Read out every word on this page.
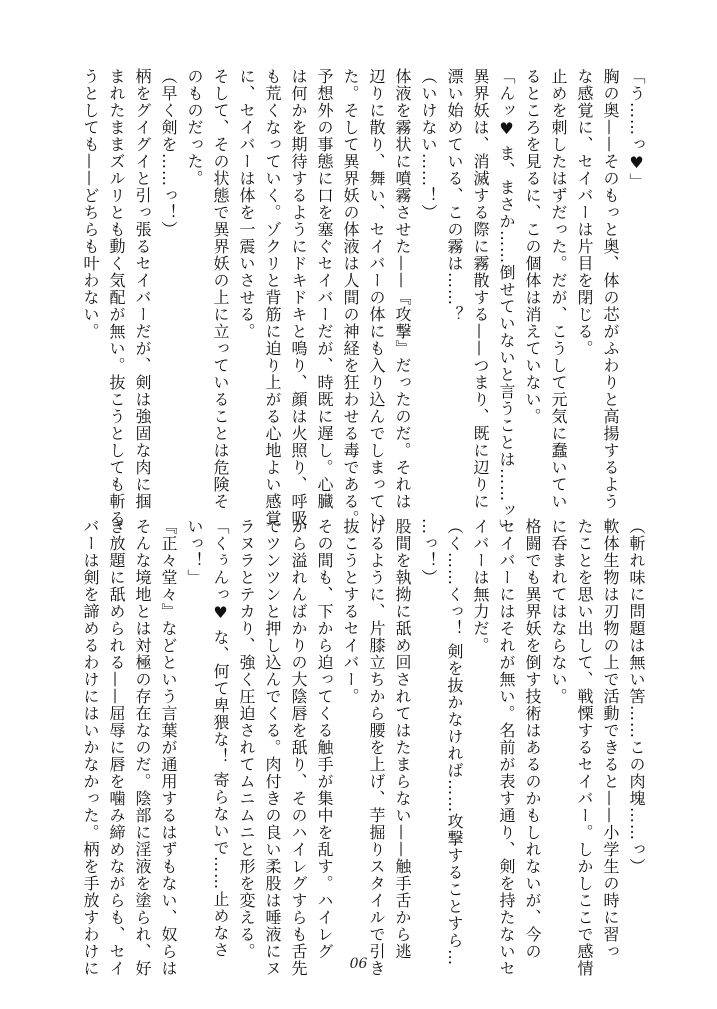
「う……っ♥」
胸の奥——そのもっと奥、体の芯がふわりと高揚するよう
な感覚に、セイバーは片目を閉じる。
止めを刺したはずだった。だが、こうして元気に蠢いてい
るところを見るに、この個体は消えていない。
「んッ♥ ま、まさか……倒せていないと言うことは……ッ」
異界妖は、消滅する際に霧散する——つまり、既に辺りに
漂い始めている、この霧は……？
（いけない……！）
体液を霧状に噴霧させた——『攻撃』だったのだ。それは
辺りに散り、舞い、セイバーの体にも入り込んでしまってい
た。そして異界妖の体液は人間の神経を狂わせる毒である。
予想外の事態に口を塞ぐセイバーだが、時既に遅し。心臓
は何かを期待するようにドキドキと鳴り、顔は火照り、呼吸
も荒くなっていく。ゾクリと背筋に迫り上がる心地よい感覚
に、セイバーは体を一震いさせる。
そして、その状態で異界妖の上に立っていることは危険そ
のものだった。
（早く剣を……っ！）
柄をグイグイと引っ張るセイバーだが、剣は強固な肉に掴
まれたままズルリとも動く気配が無い。抜こうとしても斬ろ
うとしても——どちらも叶わない。
（斬れ味に問題は無い筈……この肉塊……っ）
軟体生物は刃物の上で活動できると——小学生の時に習っ
たことを思い出して、戦慄するセイバー。しかしここで感情
に呑まれてはならない。
格闘でも異界妖を倒す技術はあるのかもしれないが、今の
セイバーにはそれが無い。名前が表す通り、剣を持たないセ
イバーは無力だ。
（く……くっ！ 剣を抜かなければ……攻撃することすら…
…っ！）
股間を執拗に舐め回されてはたまらない——触手舌から逃
げるように、片膝立ちから腰を上げ、芋掘りスタイルで引き
抜こうとするセイバー。
その間も、下から迫ってくる触手が集中を乱す。ハイレグ
から溢れんばかりの大陰唇を舐り、そのハイレグすらも舌先
でツンツンと押し込んでくる。肉付きの良い柔股は唾液にヌ
ラヌラとテカり、強く圧迫されてムニムニと形を変える。
「くぅんっ♥ な、何て卑猥な！ 寄らないで……止めなさ
いっ！」
『正々堂々』などという言葉が通用するはずもない、奴らは
そんな境地とは対極の存在なのだ。陰部に淫液を塗られ、好
き放題に舐められる——屈辱に唇を噛み締めながらも、セイ
バーは剣を諦めるわけにはいかなかった。柄を手放すわけに	06
